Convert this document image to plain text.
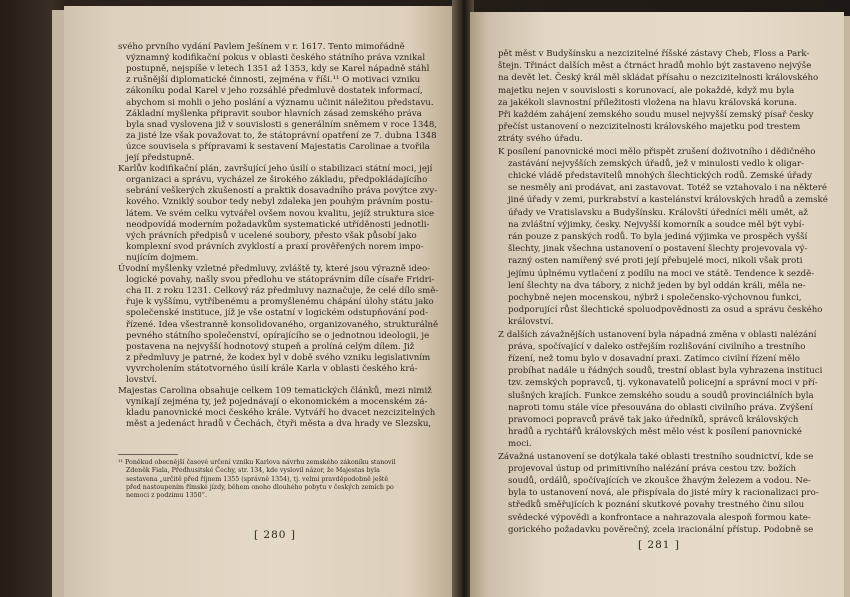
svého prvního vydání Pavlem Ješínem v r. 1617. Tento mimořádně
významný kodifikační pokus v oblasti českého státního práva vznikal
postupně, nejspíše v letech 1351 až 1353, kdy se Karel nápadně stáhl
z rušnější diplomatické činnosti, zejména v říši.¹¹ O motivaci vzniku
zákoníku podal Karel v jeho rozsáhlé předmluvě dostatek informací,
abychom si mohli o jeho poslání a významu učinit náležitou představu.
Základní myšlenka připravit soubor hlavních zásad zemského práva
byla snad vyslovena již v souvislosti s generálním sněmem v roce 1348,
za jisté lze však považovat to, že státoprávní opatření ze 7. dubna 1348
úzce souvisela s přípravami k sestavení Majestatis Carolinae a tvořila
její předstupně.
Karlův kodifikační plán, završující jeho úsilí o stabilizaci státní moci, její
organizaci a správu, vycházel ze širokého základu, předpokládajícího
sebrání veškerých zkušeností a praktik dosavadního práva povýtce zvy-
kového. Vzniklý soubor tedy nebyl zdaleka jen pouhým právním postu-
látem. Ve svém celku vytvářel ovšem novou kvalitu, jejíž struktura sice
neodpovídá moderním požadavkům systematické utříděnosti jednotli-
vých právních předpisů v ucelené soubory, přesto však působí jako
komplexní svod právních zvyklostí a praxí prověřených norem impo-
nujícím dojmem.
Úvodní myšlenky vzletné předmluvy, zvláště ty, které jsou výrazně ideo-
logické povahy, našly svou předlohu ve státoprávním díle císaře Fridri-
cha II. z roku 1231. Celkový ráz předmluvy naznačuje, že celé dílo smě-
řuje k vyššímu, vytříbenému a promyšlenému chápání úlohy státu jako
společenské instituce, jíž je vše ostatní v logickém odstupňování pod-
řízené. Idea všestranně konsolidovaného, organizovaného, strukturálně
pevného státního společenství, opírajícího se o jednotnou ideologii, je
postavena na nejvyšší hodnotový stupeň a prolíná celým dílem. Již
z předmluvy je patrné, že kodex byl v době svého vzniku legislativním
vyvrcholením státotvorného úsilí krále Karla v oblasti českého krá-
lovství.
Majestas Carolina obsahuje celkem 109 tematických článků, mezi nimiž
vynikají zejména ty, jež pojednávají o ekonomickém a mocenském zá-
kladu panovnické moci českého krále. Vytváří ho dvacet nezcizitelných
měst a jedenáct hradů v Čechách, čtyři města a dva hrady ve Slezsku,
¹¹ Poněkud obecnější časové určení vzniku Karlova návrhu zemského zákoníku stanovil
Zdeněk Fiala, Předhusitské Čechy, str. 134, kde vyslovil názor, že Majestas byla
sestavena „určitě před říjnem 1355 (správně 1354), tj. velmi pravděpodobně ještě
před nastoupením římské jízdy, během onoho dlouhého pobytu v českých zemích po
nemoci z podzimu 1350“.
[ 280 ]
pět měst v Budyšínsku a nezcizitelné říšské zástavy Cheb, Floss a Park-
štejn. Třináct dalších měst a čtrnáct hradů mohlo být zastaveno nejvýše
na devět let. Český král měl skládat přísahu o nezcizitelnosti královského
majetku nejen v souvislosti s korunovací, ale pokaždé, když mu byla
za jakékoli slavnostní příležitosti vložena na hlavu královská koruna.
Při každém zahájení zemského soudu musel nejvyšší zemský písař česky
přečíst ustanovení o nezcizitelnosti královského majetku pod trestem
ztráty svého úřadu.
K posílení panovnické moci mělo přispět zrušení doživotního i dědičného
zastávání nejvyšších zemských úřadů, jež v minulosti vedlo k oligar-
chické vládě představitelů mnohých šlechtických rodů. Zemské úřady
se nesměly ani prodávat, ani zastavovat. Totéž se vztahovalo i na některé
jiné úřady v zemi, purkrabství a kastelánství královských hradů a zemské
úřady ve Vratislavsku a Budyšínsku. Královští úředníci měli umět, až
na zvláštní výjimky, česky. Nejvyšší komorník a soudce měl být vybí-
rán pouze z panských rodů. To byla jediná výjimka ve prospěch vyšší
šlechty, jinak všechna ustanovení o postavení šlechty projevovala vý-
razný osten namířený své proti její přebujelé moci, nikoli však proti
jejímu úplnému vytlačení z podílu na moci ve státě. Tendence k sezdě-
lení šlechty na dva tábory, z nichž jeden by byl oddán králi, měla ne-
pochybně nejen mocenskou, nýbrž i společensko-výchovnou funkci,
podporující růst šlechtické spoluodpovědnosti za osud a správu českého
království.
Z dalších závažnějších ustanovení byla nápadná změna v oblasti nalézání
práva, spočívající v daleko ostřejším rozlišování civilního a trestního
řízení, než tomu bylo v dosavadní praxi. Zatímco civilní řízení mělo
probíhat nadále u řádných soudů, trestní oblast byla vyhrazena instituci
tzv. zemských popravců, tj. vykonavatelů policejní a správní moci v pří-
slušných krajích. Funkce zemského soudu a soudů provinciálních byla
naproti tomu stále více přesouvána do oblasti civilního práva. Zvýšení
pravomoci popravců právě tak jako úředníků, správců královských
hradů a rychtářů královských měst mělo vést k posílení panovnické
moci.
Závažná ustanovení se dotýkala také oblasti trestního soudnictví, kde se
projevoval ústup od primitivního nalézání práva cestou tzv. božích
soudů, ordálů, spočívajících ve zkoušce žhavým železem a vodou. Ne-
byla to ustanovení nová, ale přispívala do jisté míry k racionalizaci pro-
středků směřujících k poznání skutkové povahy trestného činu silou
svědecké výpovědi a konfrontace a nahrazovala alespoň formou kate-
gorického požadavku pověrečný, zcela iracionální přístup. Podobně se
[ 281 ]
